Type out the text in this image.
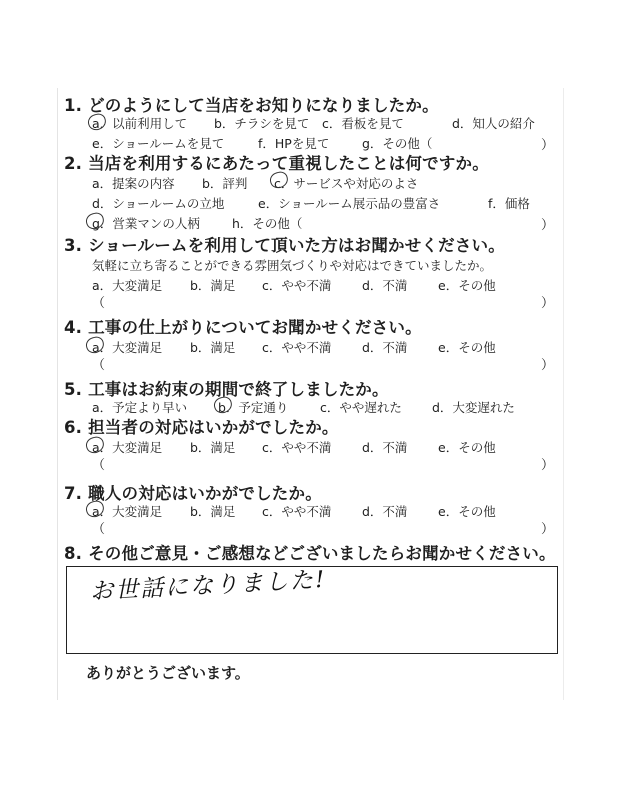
1. どのようにして当店をお知りになりましたか。
a．以前利用して b．チラシを見て c．看板を見て	d．知人の紹介
e．ショールームを見て	f．HPを見て	g．その他（	）
2. 当店を利用するにあたって重視したことは何ですか。
a．提案の内容 b．評判 c．サービスや対応のよさ
d．ショールームの立地	e．ショールーム展示品の豊富さ	f．価格
g．営業マンの人柄	h．その他（	）
3. ショールームを利用して頂いた方はお聞かせください。
気軽に立ち寄ることができる雰囲気づくりや対応はできていましたか。
a．大変満足 b．満足 c．やや不満 d．不満 e．その他
（	）
4. 工事の仕上がりについてお聞かせください。
a．大変満足 b．満足 c．やや不満 d．不満 e．その他
（	）
5. 工事はお約束の期間で終了しましたか。
a．予定より早い b．予定通り	c．やや遅れた d．大変遅れた
6. 担当者の対応はいかがでしたか。
a．大変満足 b．満足 c．やや不満 d．不満 e．その他
（	）
7. 職人の対応はいかがでしたか。
a．大変満足 b．満足 c．やや不満 d．不満 e．その他
（	）
8. その他ご意見・ご感想などございましたらお聞かせください。
お世話になりました!
ありがとうございます。
